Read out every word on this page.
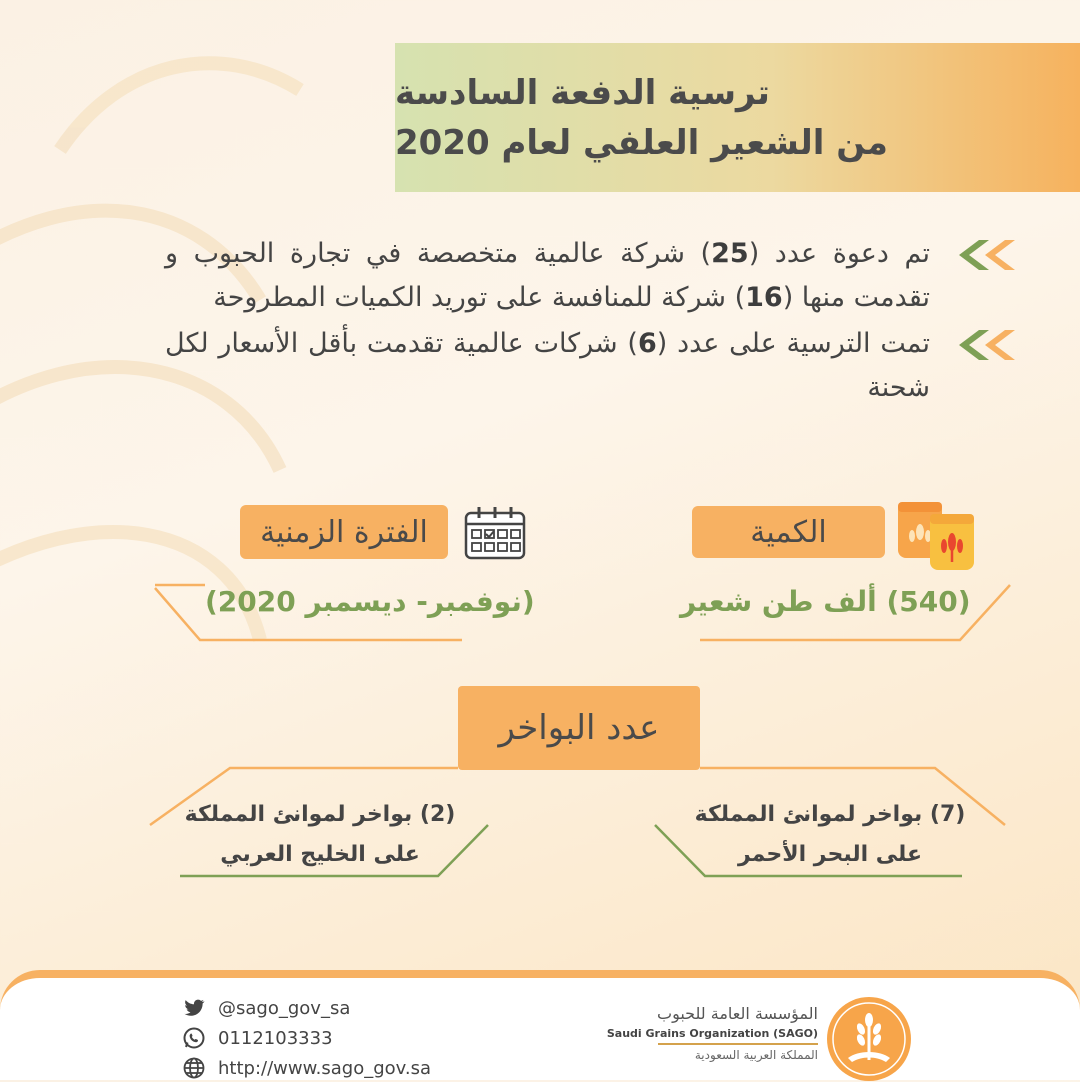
ترسية الدفعة السادسة
من الشعير العلفي لعام 2020
تم دعوة عدد (25) شركة عالمية متخصصة في تجارة الحبوب و تقدمت منها (16) شركة للمنافسة على توريد الكميات المطروحة
تمت الترسية على عدد (6) شركات عالمية تقدمت بأقل الأسعار لكل شحنة
الفترة الزمنية
(نوفمبر- ديسمبر 2020)
الكمية
(540) ألف طن شعير
عدد البواخر
(7) بواخر لموانئ المملكة
على البحر الأحمر
(2) بواخر لموانئ المملكة
على الخليج العربي
@sago_gov_sa
0112103333
http://www.sago_gov.sa
المؤسسة العامة للحبوب
Saudi Grains Organization (SAGO)
المملكة العربية السعودية
